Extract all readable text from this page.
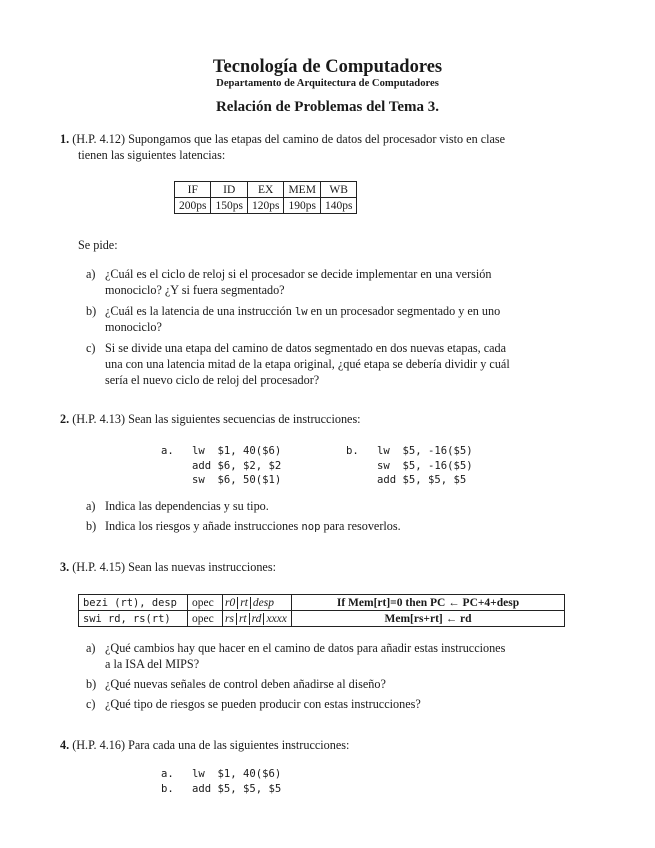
Tecnología de Computadores
Departamento de Arquitectura de Computadores
Relación de Problemas del Tema 3.
1. (H.P. 4.12) Supongamos que las etapas del camino de datos del procesador visto en clase
tienen las siguientes latencias:
IF	ID	EX	MEM	WB
200ps	150ps	120ps	190ps	140ps
Se pide:
a) ¿Cuál es el ciclo de reloj si el procesador se decide implementar en una versión
monociclo? ¿Y si fuera segmentado?
b) ¿Cuál es la latencia de una instrucción lw en un procesador segmentado y en uno
monociclo?
c) Si se divide una etapa del camino de datos segmentado en dos nuevas etapas, cada
una con una latencia mitad de la etapa original, ¿qué etapa se debería dividir y cuál
sería el nuevo ciclo de reloj del procesador?
2. (H.P. 4.13) Sean las siguientes secuencias de instrucciones:
a. lw  $1, 40($6)
add $6, $2, $2
sw  $6, 50($1)
b. lw  $5, -16($5)
sw  $5, -16($5)
add $5, $5, $5
a) Indica las dependencias y su tipo.
b) Indica los riesgos y añade instrucciones nop para resoverlos.
3. (H.P. 4.15) Sean las nuevas instrucciones:
bezi (rt), desp	opec	r0 rt desp	If Mem[rt]=0 then PC ← PC+4+desp
swi rd, rs(rt)	opec	rs rt rd xxxx	Mem[rs+rt] ← rd
a) ¿Qué cambios hay que hacer en el camino de datos para añadir estas instrucciones
a la ISA del MIPS?
b) ¿Qué nuevas señales de control deben añadirse al diseño?
c) ¿Qué tipo de riesgos se pueden producir con estas instrucciones?
4. (H.P. 4.16) Para cada una de las siguientes instrucciones:
a. lw  $1, 40($6)
b. add $5, $5, $5
